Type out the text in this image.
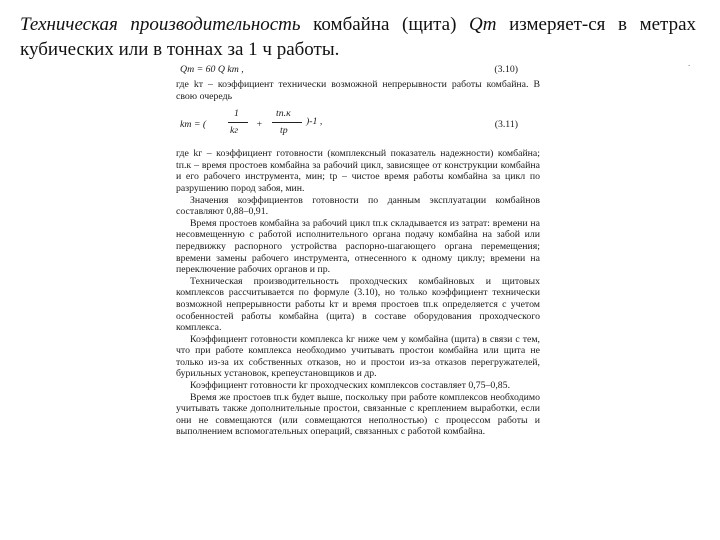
Техническая производительность комбайна (щита) Qт измеряет-ся в метрах кубических или в тоннах за 1 ч работы.
.
Qт = 60 Q kт ,	(3.10)

где kт – коэффициент технически возможной непрерывности работы комбайна. В свою очередь

kт = (
1
kг
+
tп.к
tр
)-1 ,	(3.11)

где kг – коэффициент готовности (комплексный показатель надежности) комбайна; tп.к – время простоев комбайна за рабочий цикл, зависящее от конструкции комбайна и его рабочего инструмента, мин; tр – чистое время работы комбайна за цикл по разрушению пород забоя, мин.

Значения коэффициентов готовности по данным эксплуатации комбайнов составляют 0,88–0,91.

Время простоев комбайна за рабочий цикл tп.к складывается из затрат: времени на несовмещенную с работой исполнительного органа подачу комбайна на забой или передвижку распорного устройства распорно-шагающего органа перемещения; времени замены рабочего инструмента, отнесенного к одному циклу; времени на переключение рабочих органов и пр.

Техническая производительность проходческих комбайновых и щитовых комплексов рассчитывается по формуле (3.10), но только коэффициент технически возможной непрерывности работы kт и время простоев tп.к определяется с учетом особенностей работы комбайна (щита) в составе оборудования проходческого комплекса.

Коэффициент готовности комплекса kг ниже чем у комбайна (щита) в связи с тем, что при работе комплекса необходимо учитывать простои комбайна или щита не только из-за их собственных отказов, но и простои из-за отказов перегружателей, бурильных установок, крепеустановщиков и др.

Коэффициент готовности kг проходческих комплексов составляет 0,75–0,85.

Время же простоев tп.к будет выше, поскольку при работе комплексов необходимо учитывать также дополнительные простои, связанные с креплением выработки, если они не совмещаются (или совмещаются неполностью) с процессом работы и выполнением вспомогательных операций, связанных с работой комбайна.
